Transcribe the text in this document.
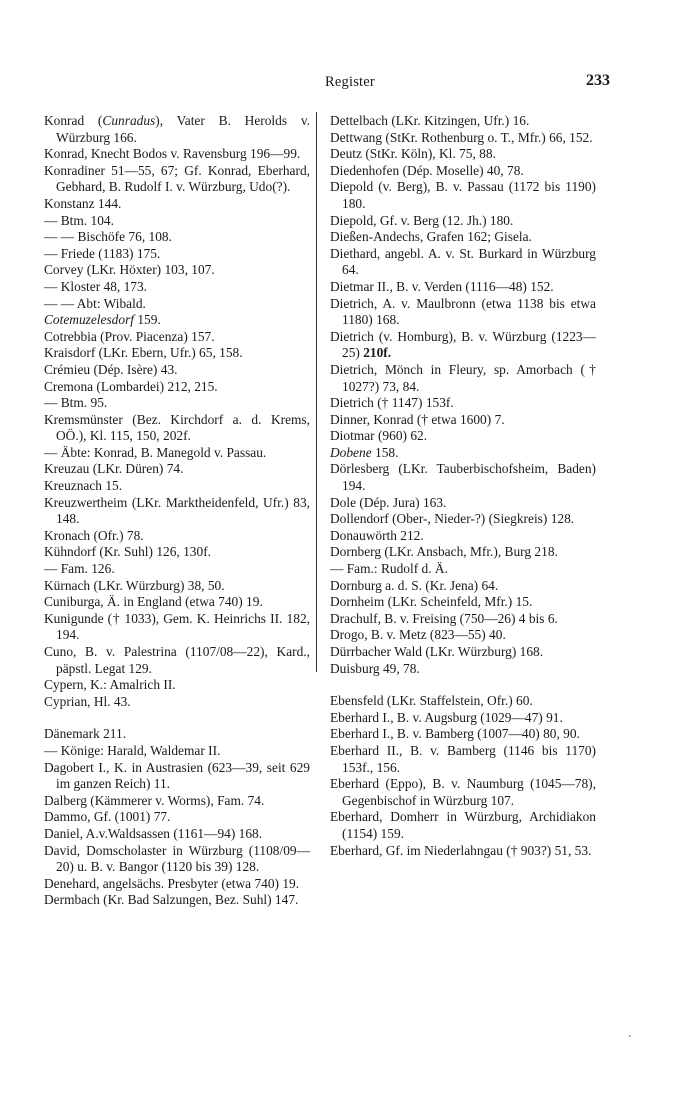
Register	233
Konrad (Cunradus), Vater B. Herolds v. Würzburg 166.
Konrad, Knecht Bodos v. Ravensburg 196—99.
Konradiner 51—55, 67; Gf. Konrad, Eberhard, Gebhard, B. Rudolf I. v. Würzburg, Udo(?).
Konstanz 144.
— Btm. 104.
— — Bischöfe 76, 108.
— Friede (1183) 175.
Corvey (LKr. Höxter) 103, 107.
— Kloster 48, 173.
— — Abt: Wibald.
Cotemuzelesdorf 159.
Cotrebbia (Prov. Piacenza) 157.
Kraisdorf (LKr. Ebern, Ufr.) 65, 158.
Crémieu (Dép. Isère) 43.
Cremona (Lombardei) 212, 215.
— Btm. 95.
Kremsmünster (Bez. Kirchdorf a. d. Krems, OÖ.), Kl. 115, 150, 202f.
— Äbte: Konrad, B. Manegold v. Passau.
Kreuzau (LKr. Düren) 74.
Kreuznach 15.
Kreuzwertheim (LKr. Marktheidenfeld, Ufr.) 83, 148.
Kronach (Ofr.) 78.
Kühndorf (Kr. Suhl) 126, 130f.
— Fam. 126.
Kürnach (LKr. Würzburg) 38, 50.
Cuniburga, Ä. in England (etwa 740) 19.
Kunigunde († 1033), Gem. K. Heinrichs II. 182, 194.
Cuno, B. v. Palestrina (1107/08—22), Kard., päpstl. Legat 129.
Cypern, K.: Amalrich II.
Cyprian, Hl. 43.
Dänemark 211.
— Könige: Harald, Waldemar II.
Dagobert I., K. in Austrasien (623—39, seit 629 im ganzen Reich) 11.
Dalberg (Kämmerer v. Worms), Fam. 74.
Dammo, Gf. (1001) 77.
Daniel, A.v.Waldsassen (1161—94) 168.
David, Domscholaster in Würzburg (1108/09—20) u. B. v. Bangor (1120 bis 39) 128.
Denehard, angelsächs. Presbyter (etwa 740) 19.
Dermbach (Kr. Bad Salzungen, Bez. Suhl) 147.
Dettelbach (LKr. Kitzingen, Ufr.) 16.
Dettwang (StKr. Rothenburg o. T., Mfr.) 66, 152.
Deutz (StKr. Köln), Kl. 75, 88.
Diedenhofen (Dép. Moselle) 40, 78.
Diepold (v. Berg), B. v. Passau (1172 bis 1190) 180.
Diepold, Gf. v. Berg (12. Jh.) 180.
Dießen-Andechs, Grafen 162; Gisela.
Diethard, angebl. A. v. St. Burkard in Würzburg 64.
Dietmar II., B. v. Verden (1116—48) 152.
Dietrich, A. v. Maulbronn (etwa 1138 bis etwa 1180) 168.
Dietrich (v. Homburg), B. v. Würzburg (1223—25) 210f.
Dietrich, Mönch in Fleury, sp. Amorbach († 1027?) 73, 84.
Dietrich († 1147) 153f.
Dinner, Konrad († etwa 1600) 7.
Diotmar (960) 62.
Dobene 158.
Dörlesberg (LKr. Tauberbischofsheim, Baden) 194.
Dole (Dép. Jura) 163.
Dollendorf (Ober-, Nieder-?) (Siegkreis) 128.
Donauwörth 212.
Dornberg (LKr. Ansbach, Mfr.), Burg 218.
— Fam.: Rudolf d. Ä.
Dornburg a. d. S. (Kr. Jena) 64.
Dornheim (LKr. Scheinfeld, Mfr.) 15.
Drachulf, B. v. Freising (750—26) 4 bis 6.
Drogo, B. v. Metz (823—55) 40.
Dürrbacher Wald (LKr. Würzburg) 168.
Duisburg 49, 78.
Ebensfeld (LKr. Staffelstein, Ofr.) 60.
Eberhard I., B. v. Augsburg (1029—47) 91.
Eberhard I., B. v. Bamberg (1007—40) 80, 90.
Eberhard II., B. v. Bamberg (1146 bis 1170) 153f., 156.
Eberhard (Eppo), B. v. Naumburg (1045—78), Gegenbischof in Würzburg 107.
Eberhard, Domherr in Würzburg, Archidiakon (1154) 159.
Eberhard, Gf. im Niederlahngau († 903?) 51, 53.
